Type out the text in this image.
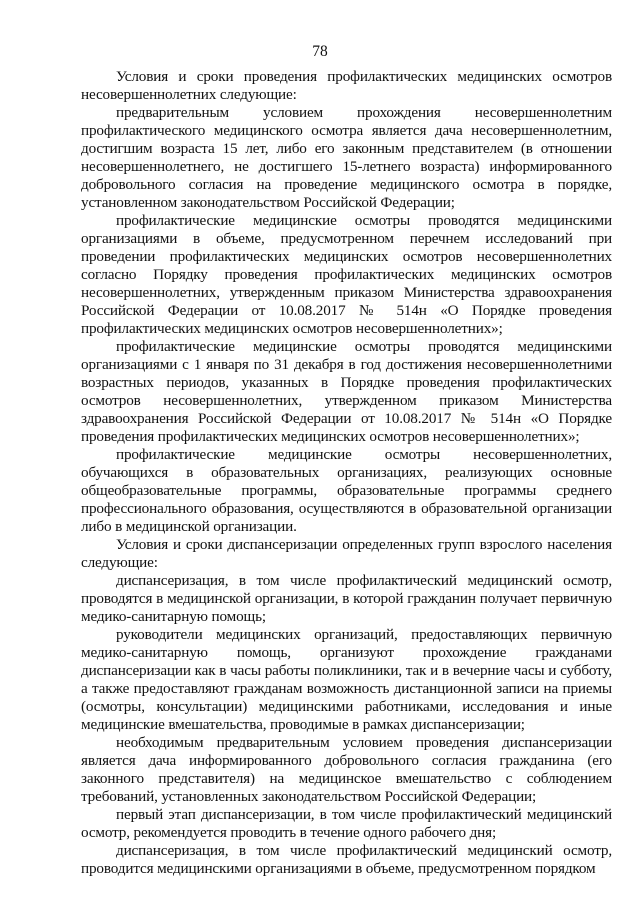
78

Условия и сроки проведения профилактических медицинских осмотров несовершеннолетних следующие:

предварительным условием прохождения несовершеннолетним профилактического медицинского осмотра является дача несовершеннолетним, достигшим возраста 15 лет, либо его законным представителем (в отношении несовершеннолетнего, не достигшего 15-летнего возраста) информированного добровольного согласия на проведение медицинского осмотра в порядке, установленном законодательством Российской Федерации;

профилактические медицинские осмотры проводятся медицинскими организациями в объеме, предусмотренном перечнем исследований при проведении профилактических медицинских осмотров несовершеннолетних согласно Порядку проведения профилактических медицинских осмотров несовершеннолетних, утвержденным приказом Министерства здравоохранения Российской Федерации от 10.08.2017 № 514н «О Порядке проведения профилактических медицинских осмотров несовершеннолетних»;

профилактические медицинские осмотры проводятся медицинскими организациями с 1 января по 31 декабря в год достижения несовершеннолетними возрастных периодов, указанных в Порядке проведения профилактических осмотров несовершеннолетних, утвержденном приказом Министерства здравоохранения Российской Федерации от 10.08.2017 № 514н «О Порядке проведения профилактических медицинских осмотров несовершеннолетних»;

профилактические медицинские осмотры несовершеннолетних, обучающихся в образовательных организациях, реализующих основные общеобразовательные программы, образовательные программы среднего профессионального образования, осуществляются в образовательной организации либо в медицинской организации.

Условия и сроки диспансеризации определенных групп взрослого населения следующие:

диспансеризация, в том числе профилактический медицинский осмотр, проводятся в медицинской организации, в которой гражданин получает первичную медико-санитарную помощь;

руководители медицинских организаций, предоставляющих первичную медико-санитарную помощь, организуют прохождение гражданами диспансеризации как в часы работы поликлиники, так и в вечерние часы и субботу, а также предоставляют гражданам возможность дистанционной записи на приемы (осмотры, консультации) медицинскими работниками, исследования и иные медицинские вмешательства, проводимые в рамках диспансеризации;

необходимым предварительным условием проведения диспансеризации является дача информированного добровольного согласия гражданина (его законного представителя) на медицинское вмешательство с соблюдением требований, установленных законодательством Российской Федерации;

первый этап диспансеризации, в том числе профилактический медицинский осмотр, рекомендуется проводить в течение одного рабочего дня;

диспансеризация, в том числе профилактический медицинский осмотр, проводится медицинскими организациями в объеме, предусмотренном порядком
